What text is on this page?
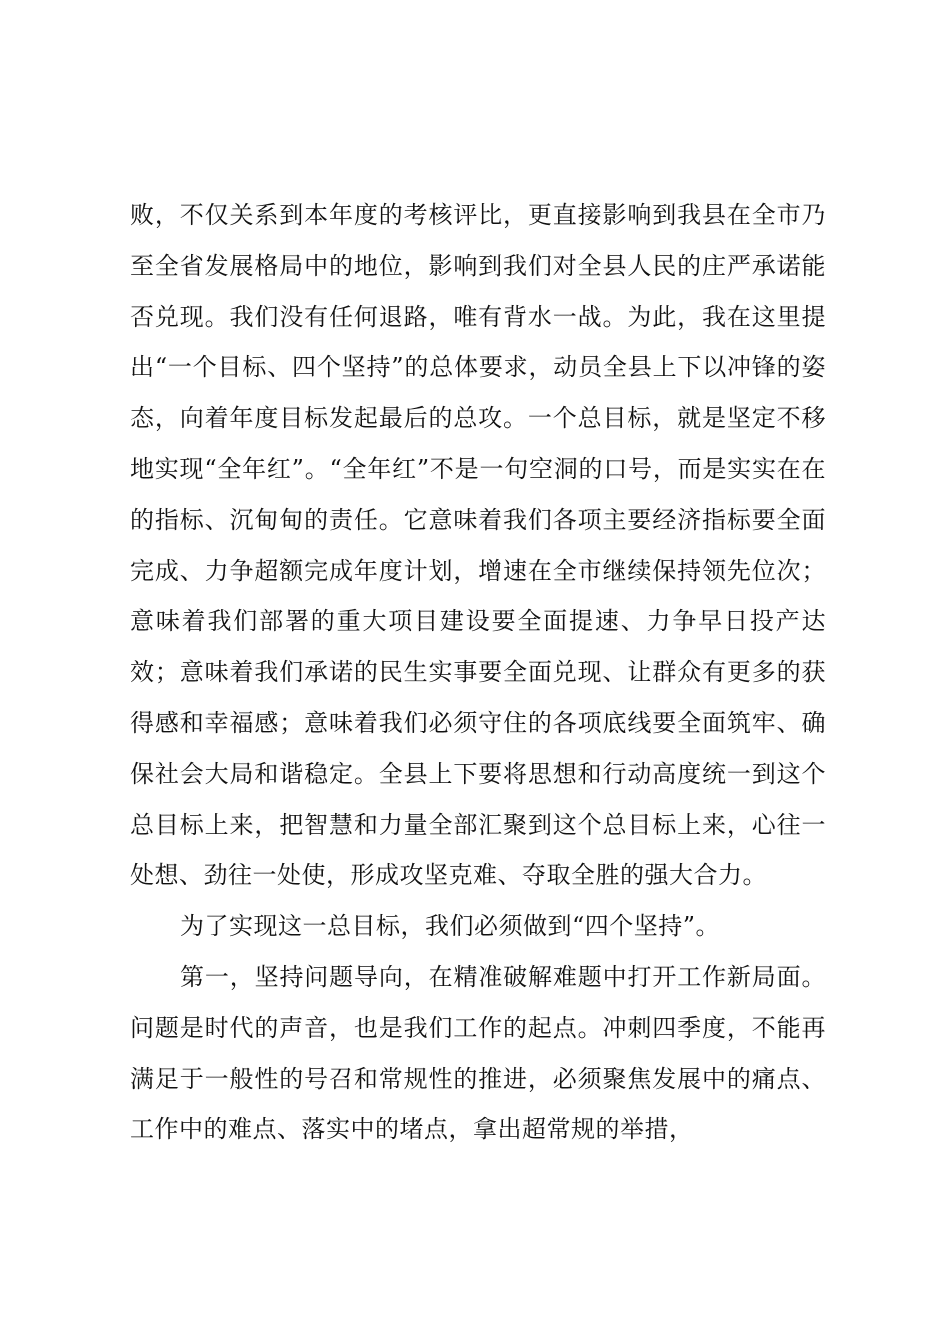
败，不仅关系到本年度的考核评比，更直接影响到我县在全市乃至全省发展格局中的地位，影响到我们对全县人民的庄严承诺能否兑现。我们没有任何退路，唯有背水一战。为此，我在这里提出“一个目标、四个坚持”的总体要求，动员全县上下以冲锋的姿态，向着年度目标发起最后的总攻。一个总目标，就是坚定不移地实现“全年红”。“全年红”不是一句空洞的口号，而是实实在在的指标、沉甸甸的责任。它意味着我们各项主要经济指标要全面完成、力争超额完成年度计划，增速在全市继续保持领先位次；意味着我们部署的重大项目建设要全面提速、力争早日投产达效；意味着我们承诺的民生实事要全面兑现、让群众有更多的获得感和幸福感；意味着我们必须守住的各项底线要全面筑牢、确保社会大局和谐稳定。全县上下要将思想和行动高度统一到这个总目标上来，把智慧和力量全部汇聚到这个总目标上来，心往一处想、劲往一处使，形成攻坚克难、夺取全胜的强大合力。

为了实现这一总目标，我们必须做到“四个坚持”。

第一，坚持问题导向，在精准破解难题中打开工作新局面。问题是时代的声音，也是我们工作的起点。冲刺四季度，不能再满足于一般性的号召和常规性的推进，必须聚焦发展中的痛点、工作中的难点、落实中的堵点，拿出超常规的举措，
